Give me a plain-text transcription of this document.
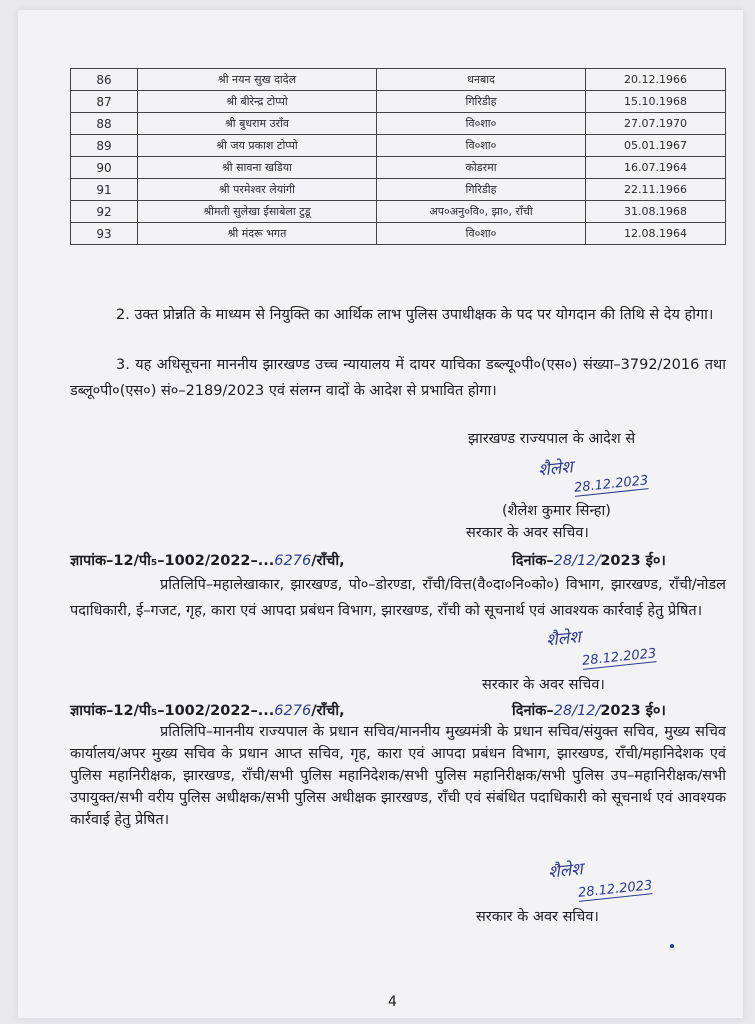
86	श्री नयन सुख दादेल	धनबाद	20.12.1966
87	श्री बीरेन्द्र टोप्पो	गिरिडीह	15.10.1968
88	श्री बुधराम उराँव	वि०शा०	27.07.1970
89	श्री जय प्रकाश टोप्पो	वि०शा०	05.01.1967
90	श्री सावना खडिया	कोडरमा	16.07.1964
91	श्री परमेश्वर लेयांगी	गिरिडीह	22.11.1966
92	श्रीमती सुलेखा ईसाबेला टुडू	अप०अनु०वि०, झा०, राँची	31.08.1968
93	श्री मंदरू भगत	वि०शा०	12.08.1964

2. उक्त प्रोन्नति के माध्यम से नियुक्ति का आर्थिक लाभ पुलिस उपाधीक्षक के पद पर योगदान की तिथि से देय होगा।

3. यह अधिसूचना माननीय झारखण्ड उच्च न्यायालय में दायर याचिका डब्ल्यू०पी०(एस०) संख्या–3792/2016 तथा डब्लू०पी०(एस०) सं०–2189/2023 एवं संलग्न वादों के आदेश से प्रभावित होगा।

झारखण्ड राज्यपाल के आदेश से
शैलेश
28.12.2023
(शैलेश कुमार सिन्हा)
सरकार के अवर सचिव।
ज्ञापांक–12/पी₅–1002/2022–...6276/राँची,	दिनांक–28/12/2023 ई०।

प्रतिलिपि–महालेखाकार, झारखण्ड, पो०–डोरण्डा, राँची/वित्त(वै०दा०नि०को०) विभाग, झारखण्ड, राँची/नोडल पदाधिकारी, ई–गजट, गृह, कारा एवं आपदा प्रबंधन विभाग, झारखण्ड, राँची को सूचनार्थ एवं आवश्यक कार्रवाई हेतु प्रेषित।

शैलेश
28.12.2023
सरकार के अवर सचिव।
ज्ञापांक–12/पी₅–1002/2022–...6276/राँची,	दिनांक–28/12/2023 ई०।

प्रतिलिपि–माननीय राज्यपाल के प्रधान सचिव/माननीय मुख्यमंत्री के प्रधान सचिव/संयुक्त सचिव, मुख्य सचिव कार्यालय/अपर मुख्य सचिव के प्रधान आप्त सचिव, गृह, कारा एवं आपदा प्रबंधन विभाग, झारखण्ड, राँची/महानिदेशक एवं पुलिस महानिरीक्षक, झारखण्ड, राँची/सभी पुलिस महानिदेशक/सभी पुलिस महानिरीक्षक/सभी पुलिस उप–महानिरीक्षक/सभी उपायुक्त/सभी वरीय पुलिस अधीक्षक/सभी पुलिस अधीक्षक झारखण्ड, राँची एवं संबंधित पदाधिकारी को सूचनार्थ एवं आवश्यक कार्रवाई हेतु प्रेषित।

शैलेश
28.12.2023
सरकार के अवर सचिव।
4
